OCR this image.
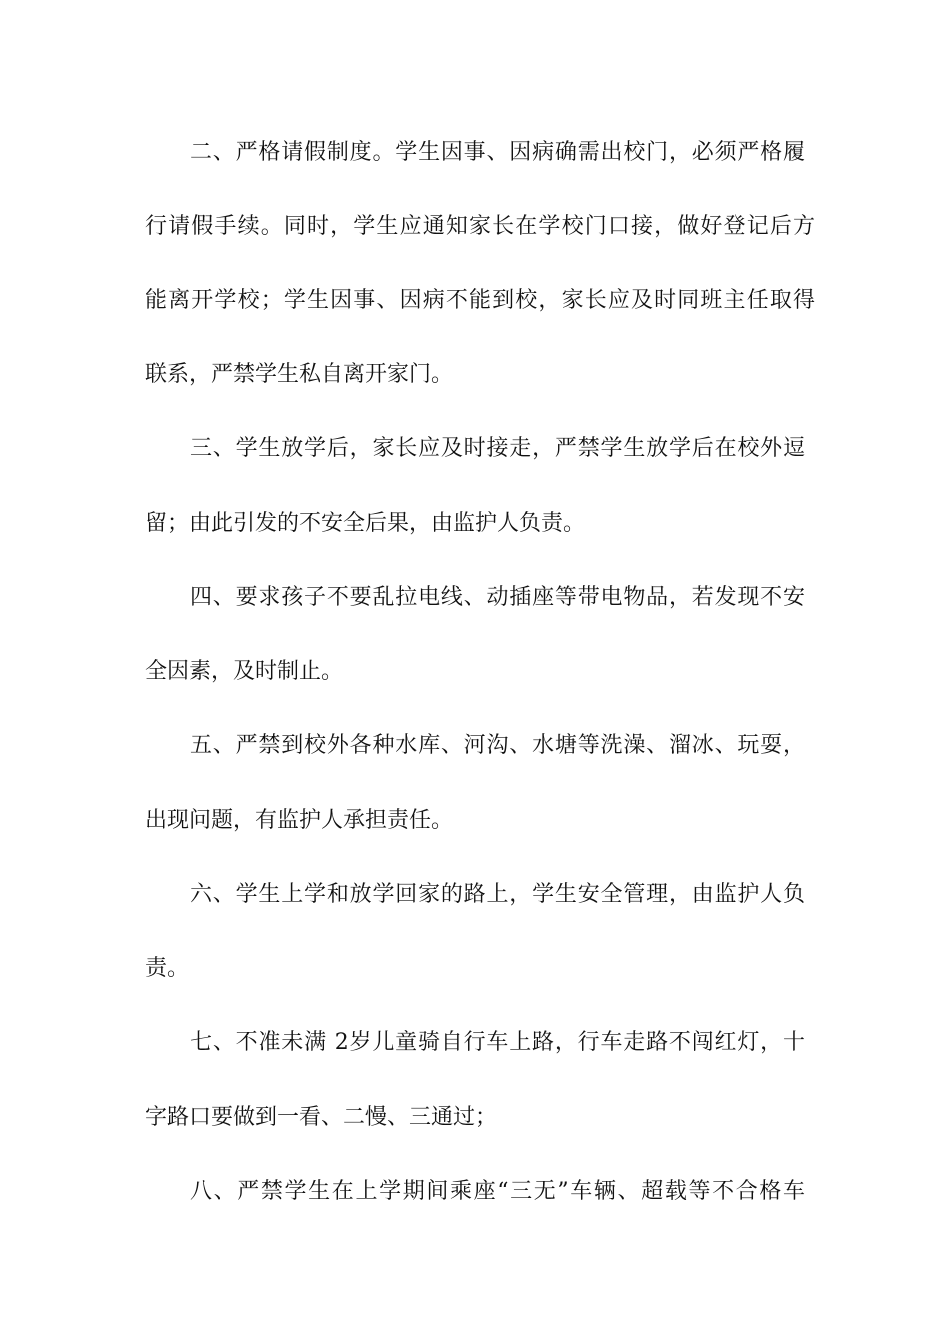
二、严格请假制度。学生因事、因病确需出校门，必须严格履
行请假手续。同时，学生应通知家长在学校门口接，做好登记后方
能离开学校；学生因事、因病不能到校，家长应及时同班主任取得
联系，严禁学生私自离开家门。
三、学生放学后，家长应及时接走，严禁学生放学后在校外逗
留；由此引发的不安全后果，由监护人负责。
四、要求孩子不要乱拉电线、动插座等带电物品，若发现不安
全因素，及时制止。
五、严禁到校外各种水库、河沟、水塘等洗澡、溜冰、玩耍，
出现问题，有监护人承担责任。
六、学生上学和放学回家的路上，学生安全管理，由监护人负
责。
七、不准未满 2岁儿童骑自行车上路，行车走路不闯红灯，十
字路口要做到一看、二慢、三通过；
八、严禁学生在上学期间乘座“三无”车辆、超载等不合格车
